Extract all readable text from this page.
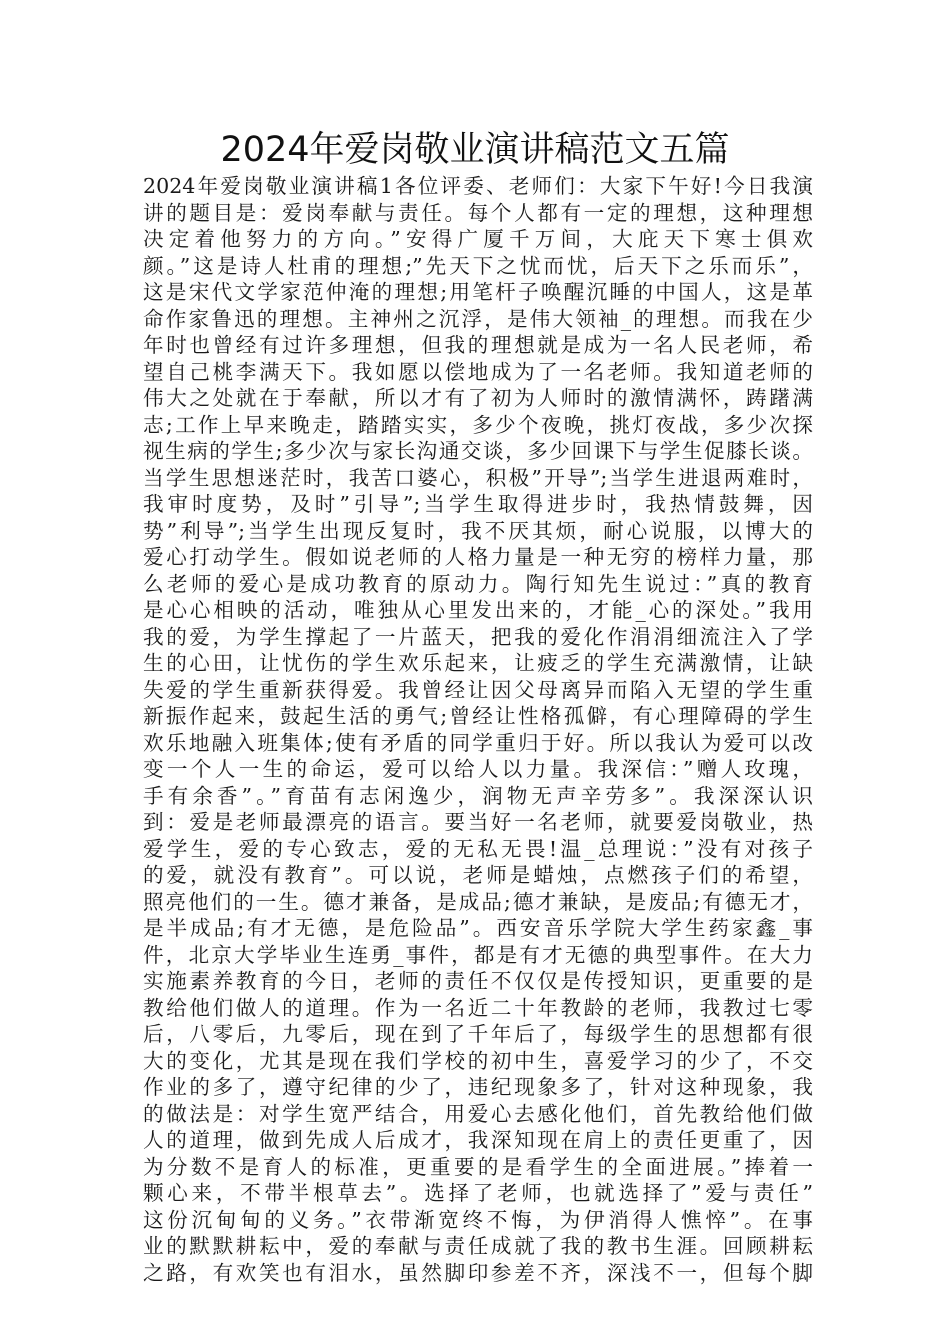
2024年爱岗敬业演讲稿范文五篇
2024年爱岗敬业演讲稿1各位评委、老师们：大家下午好!今日我演
讲的题目是：爱岗奉献与责任。每个人都有一定的理想，这种理想
决定着他努力的方向。”安得广厦千万间，大庇天下寒士俱欢
颜。”这是诗人杜甫的理想;”先天下之忧而忧，后天下之乐而乐”，
这是宋代文学家范仲淹的理想;用笔杆子唤醒沉睡的中国人，这是革
命作家鲁迅的理想。主神州之沉浮，是伟大领袖_的理想。而我在少
年时也曾经有过许多理想，但我的理想就是成为一名人民老师，希
望自己桃李满天下。我如愿以偿地成为了一名老师。我知道老师的
伟大之处就在于奉献，所以才有了初为人师时的激情满怀，踌躇满
志;工作上早来晚走，踏踏实实，多少个夜晚，挑灯夜战，多少次探
视生病的学生;多少次与家长沟通交谈，多少回课下与学生促膝长谈。
当学生思想迷茫时，我苦口婆心，积极”开导”;当学生进退两难时，
我审时度势，及时”引导”;当学生取得进步时，我热情鼓舞，因
势”利导”;当学生出现反复时，我不厌其烦，耐心说服，以博大的
爱心打动学生。假如说老师的人格力量是一种无穷的榜样力量，那
么老师的爱心是成功教育的原动力。陶行知先生说过：”真的教育
是心心相映的活动，唯独从心里发出来的，才能_心的深处。”我用
我的爱，为学生撑起了一片蓝天，把我的爱化作涓涓细流注入了学
生的心田，让忧伤的学生欢乐起来，让疲乏的学生充满激情，让缺
失爱的学生重新获得爱。我曾经让因父母离异而陷入无望的学生重
新振作起来，鼓起生活的勇气;曾经让性格孤僻，有心理障碍的学生
欢乐地融入班集体;使有矛盾的同学重归于好。所以我认为爱可以改
变一个人一生的命运，爱可以给人以力量。我深信：”赠人玫瑰，
手有余香”。”育苗有志闲逸少，润物无声辛劳多”。我深深认识
到：爱是老师最漂亮的语言。要当好一名老师，就要爱岗敬业，热
爱学生，爱的专心致志，爱的无私无畏!温_总理说：”没有对孩子
的爱，就没有教育”。可以说，老师是蜡烛，点燃孩子们的希望，
照亮他们的一生。德才兼备，是成品;德才兼缺，是废品;有德无才，
是半成品;有才无德，是危险品”。西安音乐学院大学生药家鑫_事
件，北京大学毕业生连勇_事件，都是有才无德的典型事件。在大力
实施素养教育的今日，老师的责任不仅仅是传授知识，更重要的是
教给他们做人的道理。作为一名近二十年教龄的老师，我教过七零
后，八零后，九零后，现在到了千年后了，每级学生的思想都有很
大的变化，尤其是现在我们学校的初中生，喜爱学习的少了，不交
作业的多了，遵守纪律的少了，违纪现象多了，针对这种现象，我
的做法是：对学生宽严结合，用爱心去感化他们，首先教给他们做
人的道理，做到先成人后成才，我深知现在肩上的责任更重了，因
为分数不是育人的标准，更重要的是看学生的全面进展。”捧着一
颗心来，不带半根草去”。选择了老师，也就选择了”爱与责任”
这份沉甸甸的义务。”衣带渐宽终不悔，为伊消得人憔悴”。在事
业的默默耕耘中，爱的奉献与责任成就了我的教书生涯。回顾耕耘
之路，有欢笑也有泪水，虽然脚印参差不齐，深浅不一，但每个脚
